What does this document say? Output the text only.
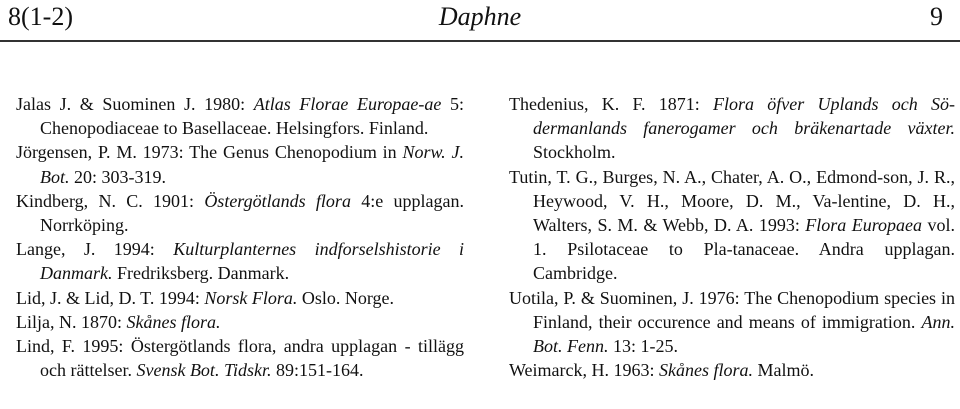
8(1-2)	Daphne	9

Jalas J. & Suominen J. 1980: Atlas Florae Europae-ae 5: Chenopodiaceae to Basellaceae. Helsingfors. Finland.

Jörgensen, P. M. 1973: The Genus Chenopodium in Norw. J. Bot. 20: 303-319.

Kindberg, N. C. 1901: Östergötlands flora 4:e upplagan. Norrköping.

Lange, J. 1994: Kulturplanternes indforselshistorie i Danmark. Fredriksberg. Danmark.

Lid, J. & Lid, D. T. 1994: Norsk Flora. Oslo. Norge.

Lilja, N. 1870: Skånes flora.

Lind, F. 1995: Östergötlands flora, andra upplagan - tillägg och rättelser. Svensk Bot. Tidskr. 89:151-164.

Thedenius, K. F. 1871: Flora öfver Uplands och Sö-dermanlands fanerogamer och bräkenartade växter. Stockholm.

Tutin, T. G., Burges, N. A., Chater, A. O., Edmond-son, J. R., Heywood, V. H., Moore, D. M., Va-lentine, D. H., Walters, S. M. & Webb, D. A. 1993: Flora Europaea vol. 1. Psilotaceae to Pla-tanaceae. Andra upplagan. Cambridge.

Uotila, P. & Suominen, J. 1976: The Chenopodium species in Finland, their occurence and means of immigration. Ann. Bot. Fenn. 13: 1-25.

Weimarck, H. 1963: Skånes flora. Malmö.
